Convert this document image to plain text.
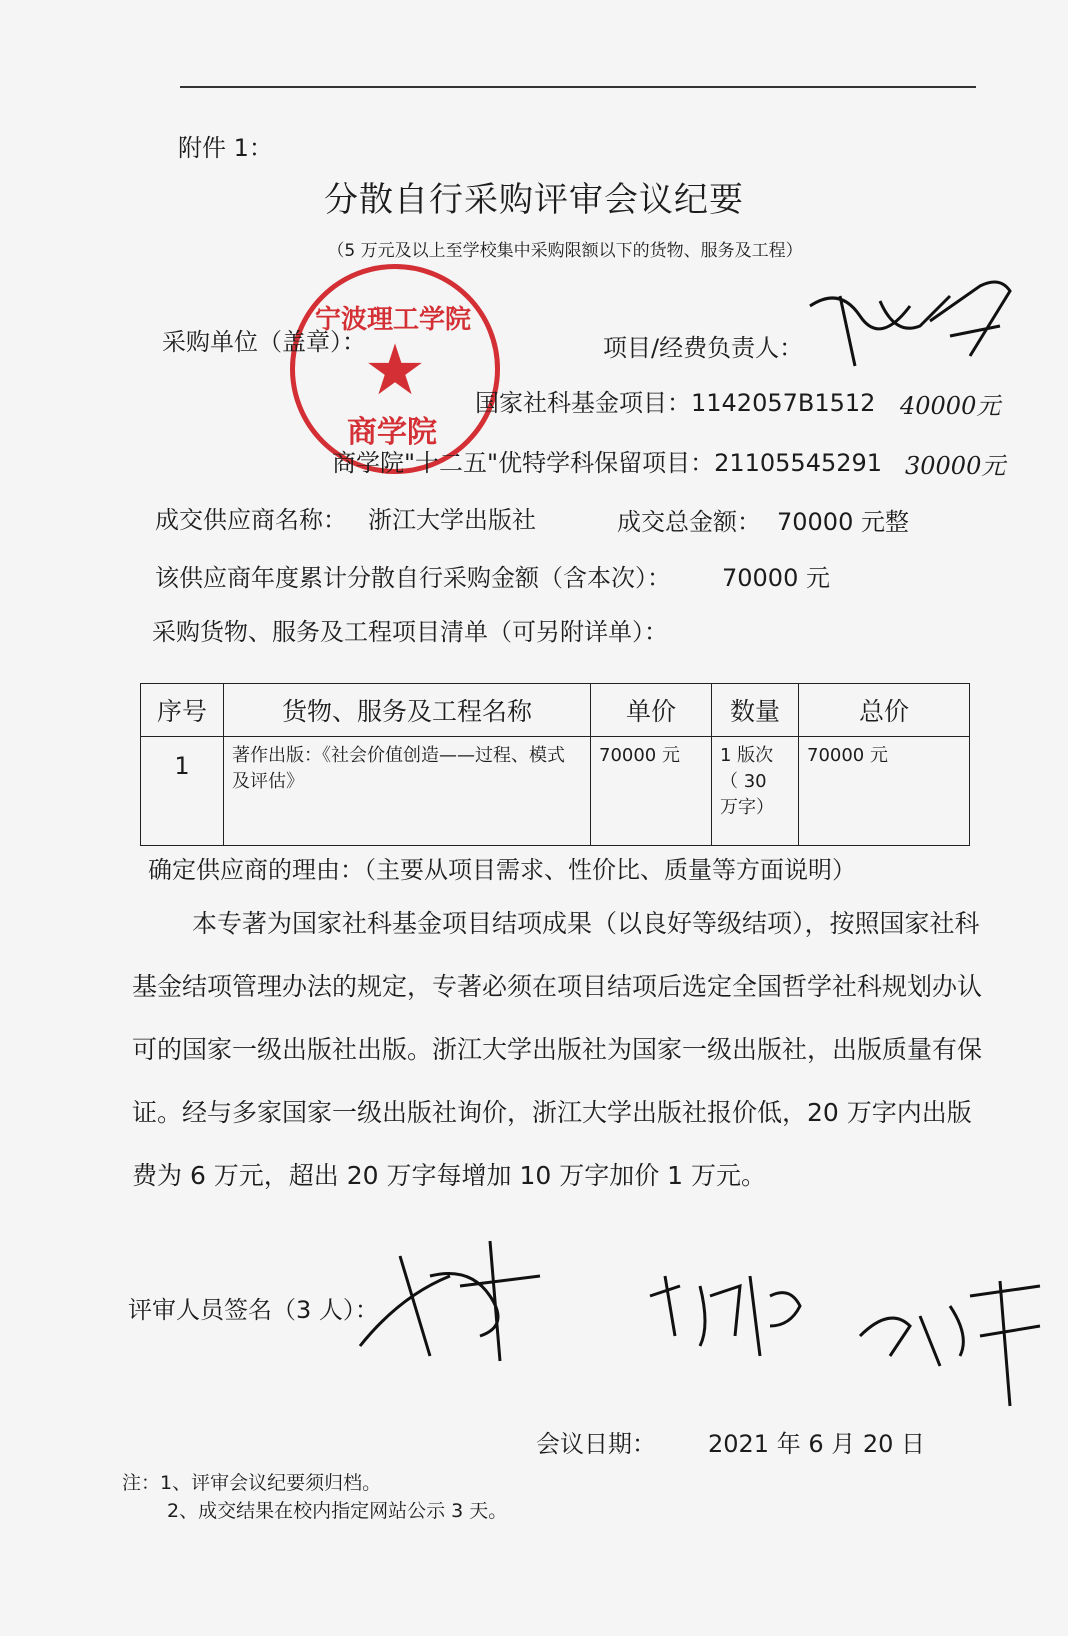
附件 1：
分散自行采购评审会议纪要
（5 万元及以上至学校集中采购限额以下的货物、服务及工程）
宁波理工学院
★
商学院
采购单位（盖章）：	项目/经费负责人：
国家社科基金项目：1142057B1512 40000元
商学院"十二五"优特学科保留项目：21105545291 30000元
成交供应商名称： 浙江大学出版社	成交总金额： 70000 元整
该供应商年度累计分散自行采购金额（含本次）： 70000 元
采购货物、服务及工程项目清单（可另附详单）：
序号	货物、服务及工程名称	单价	数量	总价
1	著作出版：《社会价值创造——过程、模式及评估》	70000 元	1 版次（ 30 万字）	70000 元
确定供应商的理由：（主要从项目需求、性价比、质量等方面说明）
本专著为国家社科基金项目结项成果（以良好等级结项），按照国家社科基金结项管理办法的规定，专著必须在项目结项后选定全国哲学社科规划办认可的国家一级出版社出版。浙江大学出版社为国家一级出版社，出版质量有保证。经与多家国家一级出版社询价，浙江大学出版社报价低，20 万字内出版费为 6 万元，超出 20 万字每增加 10 万字加价 1 万元。
评审人员签名（3 人）：
会议日期： 2021 年 6 月 20 日
注：1、评审会议纪要须归档。
2、成交结果在校内指定网站公示 3 天。
